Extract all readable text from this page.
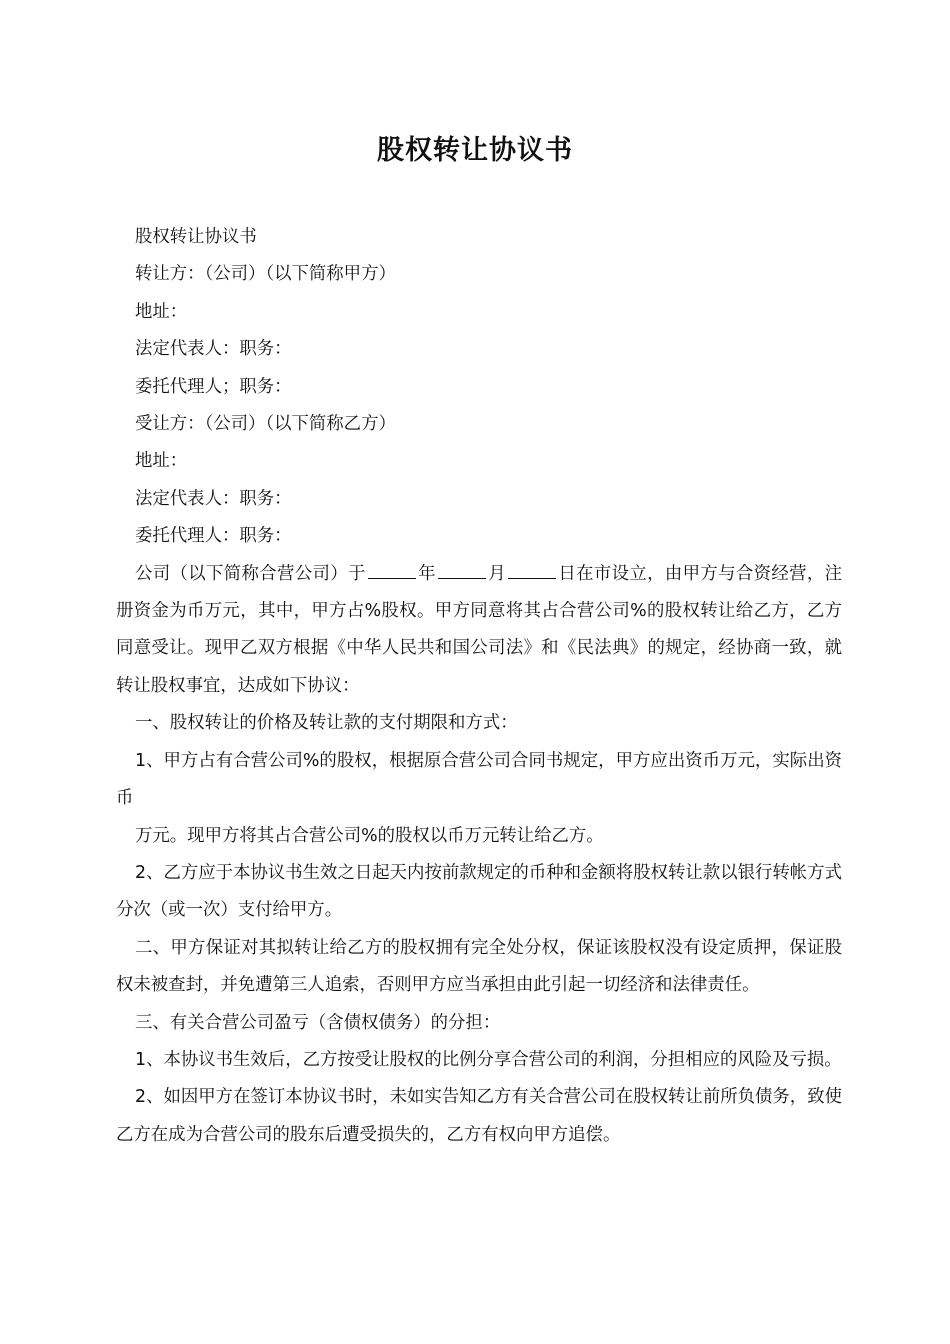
股权转让协议书

股权转让协议书

转让方：（公司）（以下简称甲方）

地址：

法定代表人：职务：

委托代理人；职务：

受让方：（公司）（以下简称乙方）

地址：

法定代表人：职务：

委托代理人：职务：

公司（以下简称合营公司）于	年	月	日在市设立，由甲方与合资经营，注册资金为币万元，其中，甲方占%股权。甲方同意将其占合营公司%的股权转让给乙方，乙方同意受让。现甲乙双方根据《中华人民共和国公司法》和《民法典》的规定，经协商一致，就转让股权事宜，达成如下协议：

一、股权转让的价格及转让款的支付期限和方式：

1、甲方占有合营公司%的股权，根据原合营公司合同书规定，甲方应出资币万元，实际出资币

万元。现甲方将其占合营公司%的股权以币万元转让给乙方。

2、乙方应于本协议书生效之日起天内按前款规定的币种和金额将股权转让款以银行转帐方式分次（或一次）支付给甲方。

二、甲方保证对其拟转让给乙方的股权拥有完全处分权，保证该股权没有设定质押，保证股权未被查封，并免遭第三人追索，否则甲方应当承担由此引起一切经济和法律责任。

三、有关合营公司盈亏（含债权债务）的分担：

1、本协议书生效后，乙方按受让股权的比例分享合营公司的利润，分担相应的风险及亏损。

2、如因甲方在签订本协议书时，未如实告知乙方有关合营公司在股权转让前所负债务，致使乙方在成为合营公司的股东后遭受损失的，乙方有权向甲方追偿。
